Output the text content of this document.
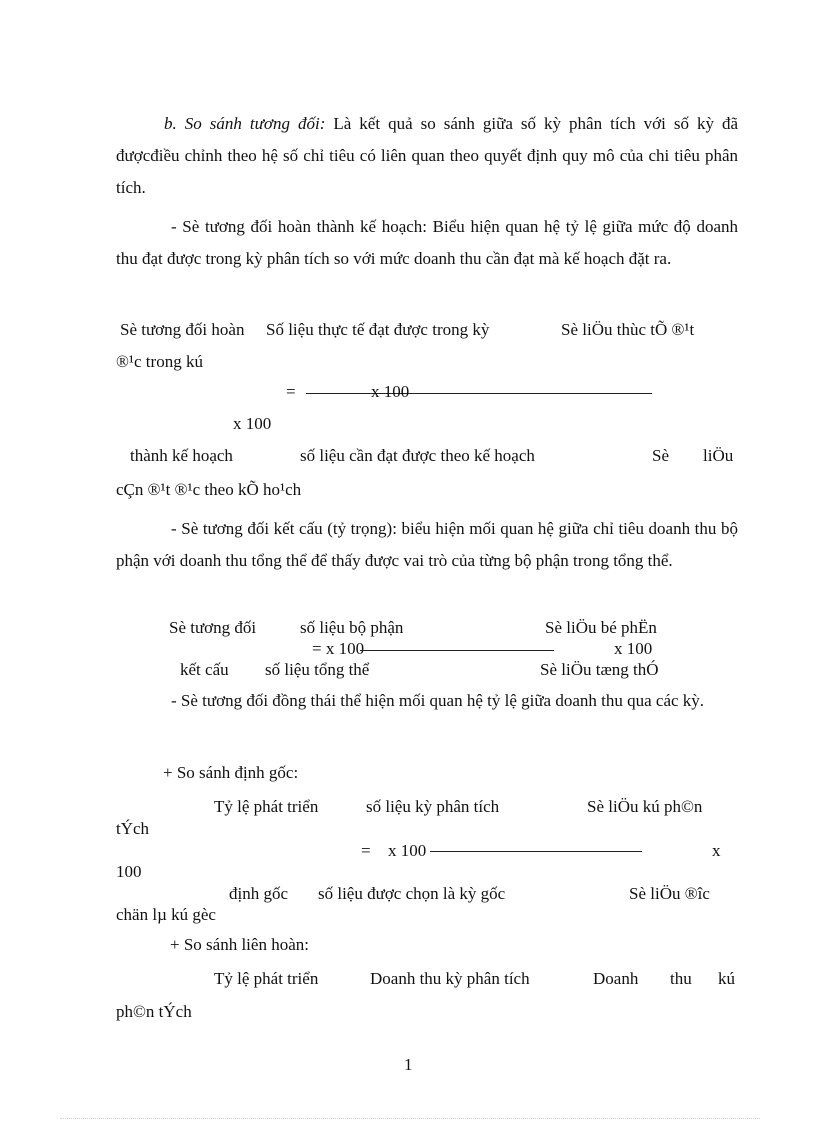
b. So sánh tương đối: Là kết quả so sánh giữa số kỳ phân tích với số kỳ đã đượcđiều chỉnh theo hệ số chỉ tiêu có liên quan theo quyết định quy mô của chi tiêu phân tích.

- Sè tương đối hoàn thành kế hoạch: Biểu hiện quan hệ tỷ lệ giữa mức độ doanh thu đạt được trong kỳ phân tích so với mức doanh thu cần đạt mà kế hoạch đặt ra.

Sè tương đối hoàn Số liệu thực tế đạt được trong kỳ	Sè liÖu thùc tÕ ®¹t
®¹c trong kú
=	x 100
x 100
thành kế hoạch	số liệu cần đạt được theo kế hoạch	Sè liÖu
cÇn ®¹t ®¹c theo kÕ ho¹ch

- Sè tương đối kết cấu (tỷ trọng): biểu hiện mối quan hệ giữa chỉ tiêu doanh thu bộ phận với doanh thu tổng thể để thấy được vai trò của từng bộ phận trong tổng thể.

Sè tương đối	số liệu bộ phận	Sè liÖu bé phËn
= x 100	x 100
kết cấu số liệu tổng thể	Sè liÖu tæng thÓ

- Sè tương đối đồng thái thể hiện mối quan hệ tỷ lệ giữa doanh thu qua các kỳ.

+ So sánh định gốc:
Tỷ lệ phát triển	số liệu kỳ phân tích	Sè liÖu kú ph©n
tÝch
= x 100	x
100
định gốc số liệu được chọn là kỳ gốc	Sè liÖu ®îc
chän lµ kú gèc
+ So sánh liên hoàn:
Tỷ lệ phát triển	Doanh thu kỳ phân tích	Doanh thu kú
ph©n tÝch
1
